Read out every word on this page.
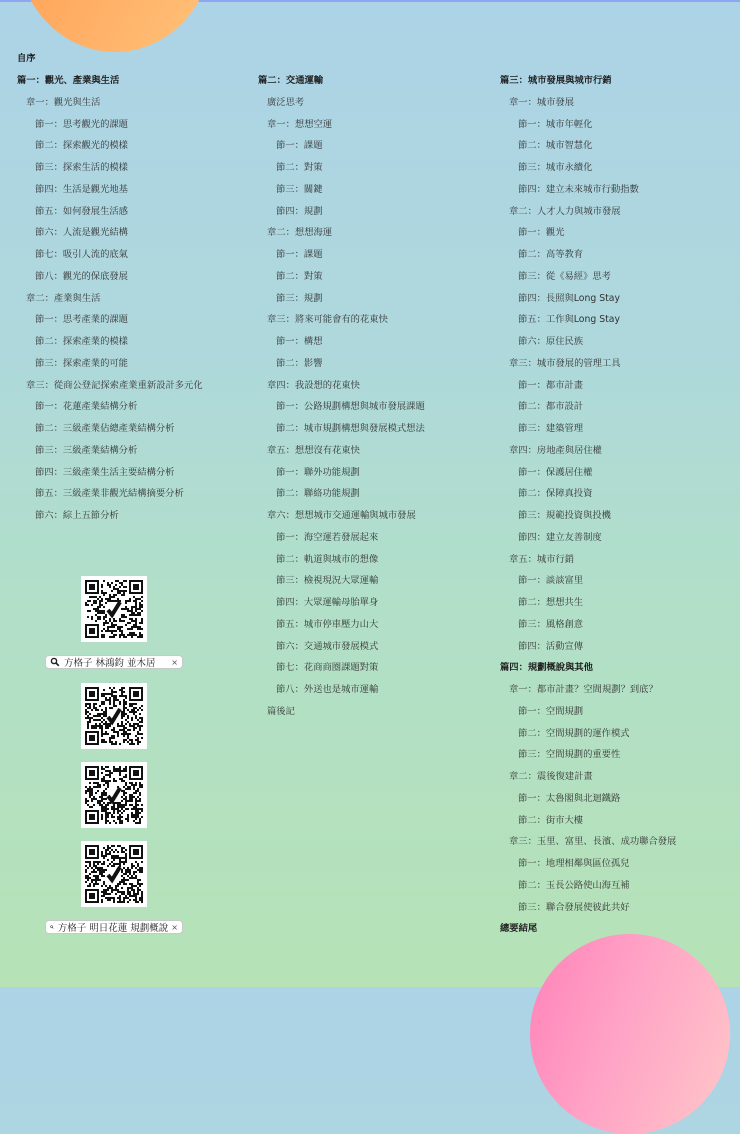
自序
篇一：觀光、產業與生活
章一：觀光與生活
節一：思考觀光的課題
節二：探索觀光的模樣
節三：探索生活的模樣
節四：生活是觀光地基
節五：如何發展生活感
節六：人流是觀光結構
節七：吸引人流的底氣
節八：觀光的保底發展
章二：產業與生活
節一：思考產業的課題
節二：探索產業的模樣
節三：探索產業的可能
章三：從商公登記探索產業重新設計多元化
節一：花蓮產業結構分析
節二：三級產業佔總產業結構分析
節三：三級產業結構分析
節四：三級產業生活主要結構分析
節五：三級產業非觀光結構摘要分析
節六：綜上五節分析
篇二：交通運輸
廣泛思考
章一：想想空運
節一：課題
節二：對策
節三：關鍵
節四：規劃
章二：想想海運
節一：課題
節二：對策
節三：規劃
章三：將來可能會有的花東快
節一：構想
節二：影響
章四：我設想的花東快
節一：公路規劃構想與城市發展課題
節二：城市規劃構想與發展模式想法
章五：想想沒有花東快
節一：聯外功能規劃
節二：聯絡功能規劃
章六：想想城市交通運輸與城市發展
節一：海空運若發展起來
節二：軌道與城市的想像
節三：檢視現況大眾運輸
節四：大眾運輸母胎單身
節五：城市停車壓力山大
節六：交通城市發展模式
節七：花商商圈課題對策
節八：外送也是城市運輸
篇後記
篇三：城市發展與城市行銷
章一：城市發展
節一：城市年輕化
節二：城市智慧化
節三：城市永續化
節四：建立未來城市行動指數
章二：人才人力與城市發展
節一：觀光
節二：高等教育
節三：從《易經》思考
節四：長照與Long Stay
節五：工作與Long Stay
節六：原住民族
章三：城市發展的管理工具
節一：都市計畫
節二：都市設計
節三：建築管理
章四：房地產與居住權
節一：保護居住權
節二：保障真投資
節三：規範投資與投機
節四：建立友善制度
章五：城市行銷
節一：談談富里
節二：想想共生
節三：風格創意
節四：活動宣傳
篇四：規劃概說與其他
章一：都市計畫？空間規劃？到底？
節一：空間規劃
節二：空間規劃的運作模式
節三：空間規劃的重要性
章二：震後復建計畫
節一：太魯閣與北迴鐵路
節二：街市大樓
章三：玉里、富里、長濱、成功聯合發展
節一：地理相鄰與區位孤兒
節二：玉長公路使山海互補
節三：聯合發展使彼此共好
總要結尾
方格子 林鴻鈞 並木居	×
方格子 明日花蓮 規劃概說 ×
